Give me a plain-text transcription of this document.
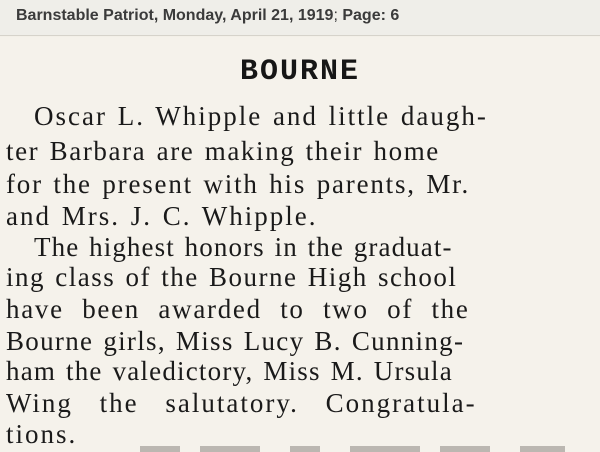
Barnstable Patriot, Monday, April 21, 1919; Page: 6
BOURNE
Oscar L. Whipple and little daugh-
ter Barbara are making their home
for the present with his parents, Mr.
and Mrs. J. C. Whipple.
The highest honors in the graduat-
ing class of the Bourne High school
have been awarded to two of the
Bourne girls, Miss Lucy B. Cunning-
ham the valedictory, Miss M. Ursula
Wing the salutatory. Congratula-
tions.
